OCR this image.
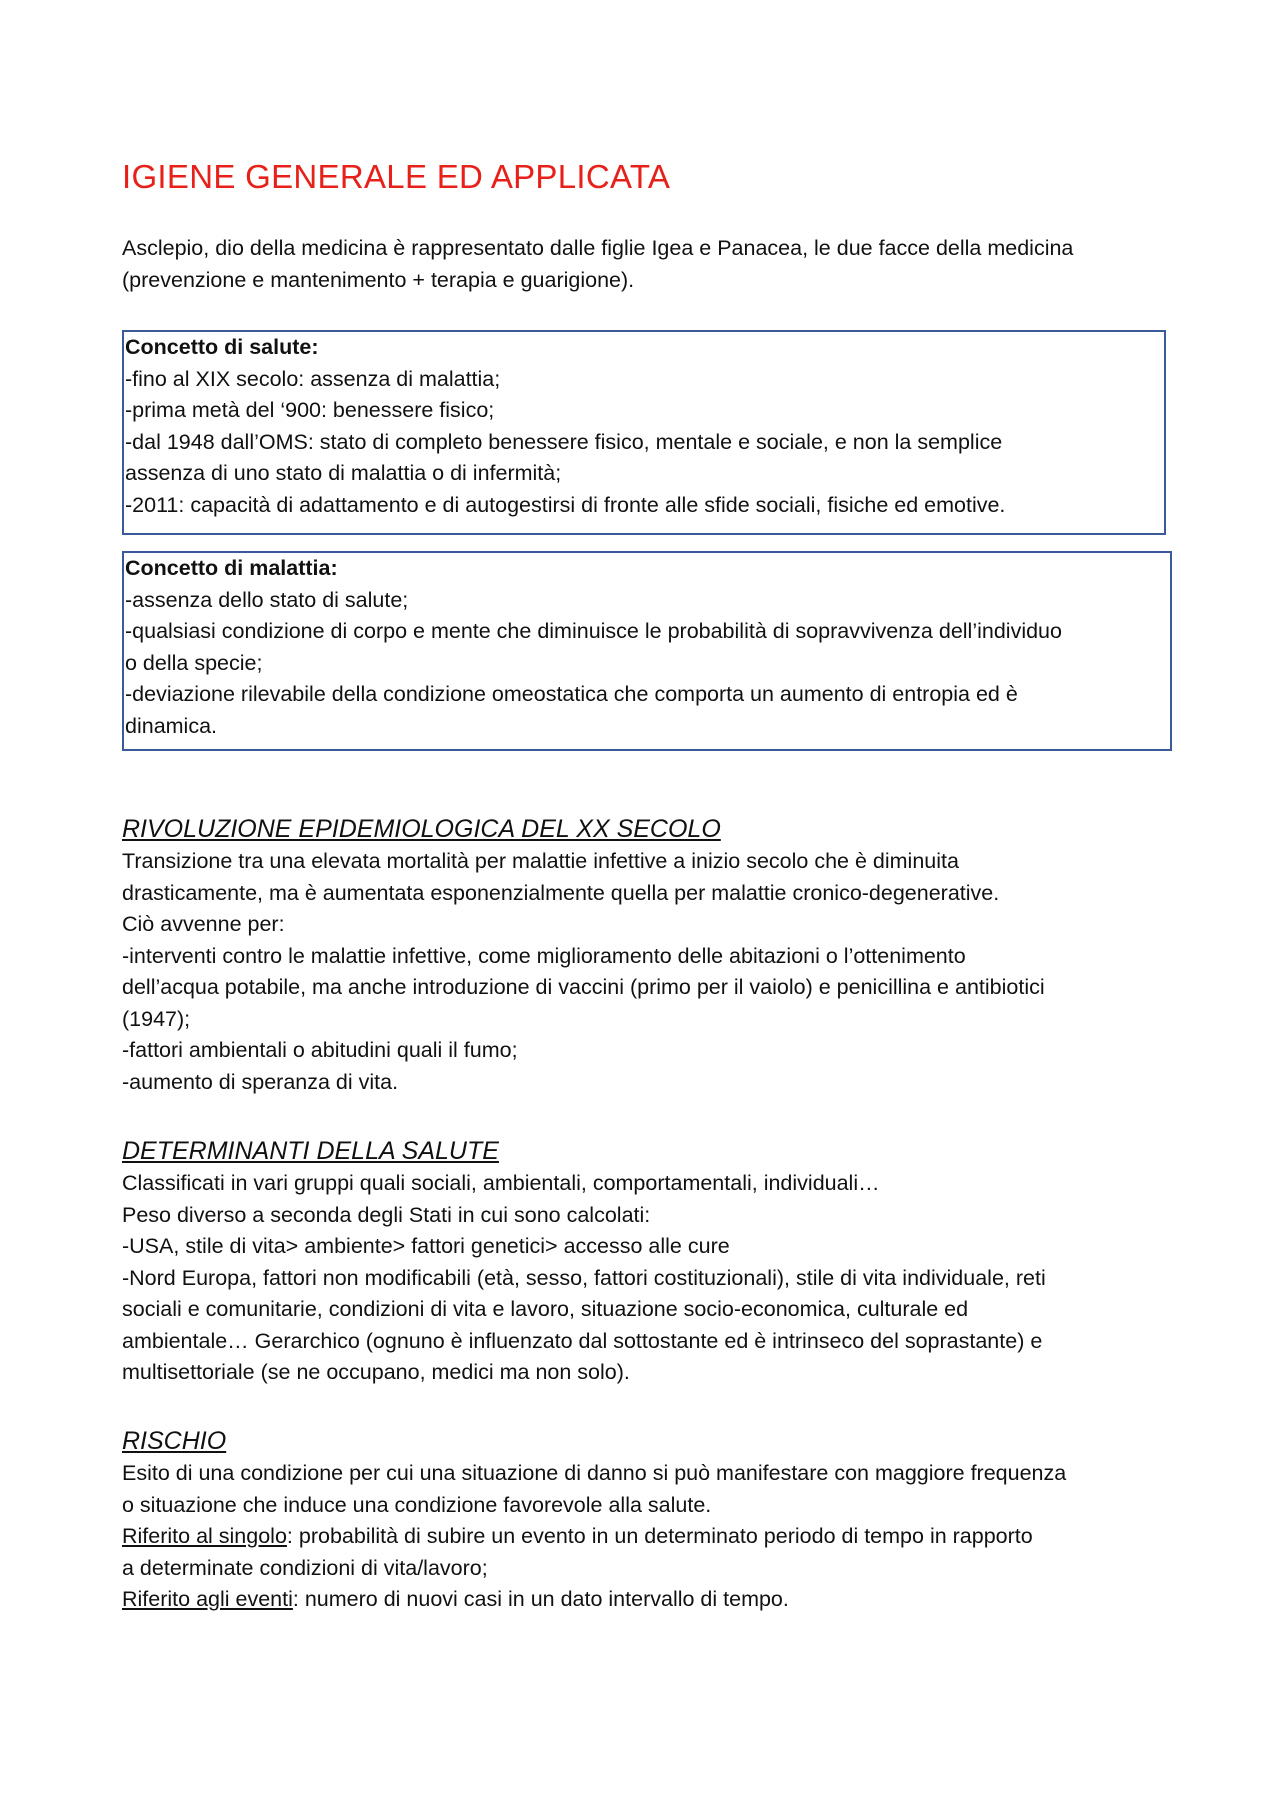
IGIENE GENERALE ED APPLICATA

Asclepio, dio della medicina è rappresentato dalle figlie Igea e Panacea, le due facce della medicina

(prevenzione e mantenimento + terapia e guarigione).

Concetto di salute:

-fino al XIX secolo: assenza di malattia;

-prima metà del ‘900: benessere fisico;

-dal 1948 dall’OMS: stato di completo benessere fisico, mentale e sociale, e non la semplice

assenza di uno stato di malattia o di infermità;

-2011: capacità di adattamento e di autogestirsi di fronte alle sfide sociali, fisiche ed emotive.

Concetto di malattia:

-assenza dello stato di salute;

-qualsiasi condizione di corpo e mente che diminuisce le probabilità di sopravvivenza dell’individuo

o della specie;

-deviazione rilevabile della condizione omeostatica che comporta un aumento di entropia ed è

dinamica.

RIVOLUZIONE EPIDEMIOLOGICA DEL XX SECOLO

Transizione tra una elevata mortalità per malattie infettive a inizio secolo che è diminuita

drasticamente, ma è aumentata esponenzialmente quella per malattie cronico-degenerative.

Ciò avvenne per:

-interventi contro le malattie infettive, come miglioramento delle abitazioni o l’ottenimento

dell’acqua potabile, ma anche introduzione di vaccini (primo per il vaiolo) e penicillina e antibiotici

(1947);

-fattori ambientali o abitudini quali il fumo;

-aumento di speranza di vita.

DETERMINANTI DELLA SALUTE

Classificati in vari gruppi quali sociali, ambientali, comportamentali, individuali…

Peso diverso a seconda degli Stati in cui sono calcolati:

-USA, stile di vita> ambiente> fattori genetici> accesso alle cure

-Nord Europa, fattori non modificabili (età, sesso, fattori costituzionali), stile di vita individuale, reti

sociali e comunitarie, condizioni di vita e lavoro, situazione socio-economica, culturale ed

ambientale… Gerarchico (ognuno è influenzato dal sottostante ed è intrinseco del soprastante) e

multisettoriale (se ne occupano, medici ma non solo).

RISCHIO

Esito di una condizione per cui una situazione di danno si può manifestare con maggiore frequenza

o situazione che induce una condizione favorevole alla salute.

Riferito al singolo: probabilità di subire un evento in un determinato periodo di tempo in rapporto

a determinate condizioni di vita/lavoro;

Riferito agli eventi: numero di nuovi casi in un dato intervallo di tempo.
